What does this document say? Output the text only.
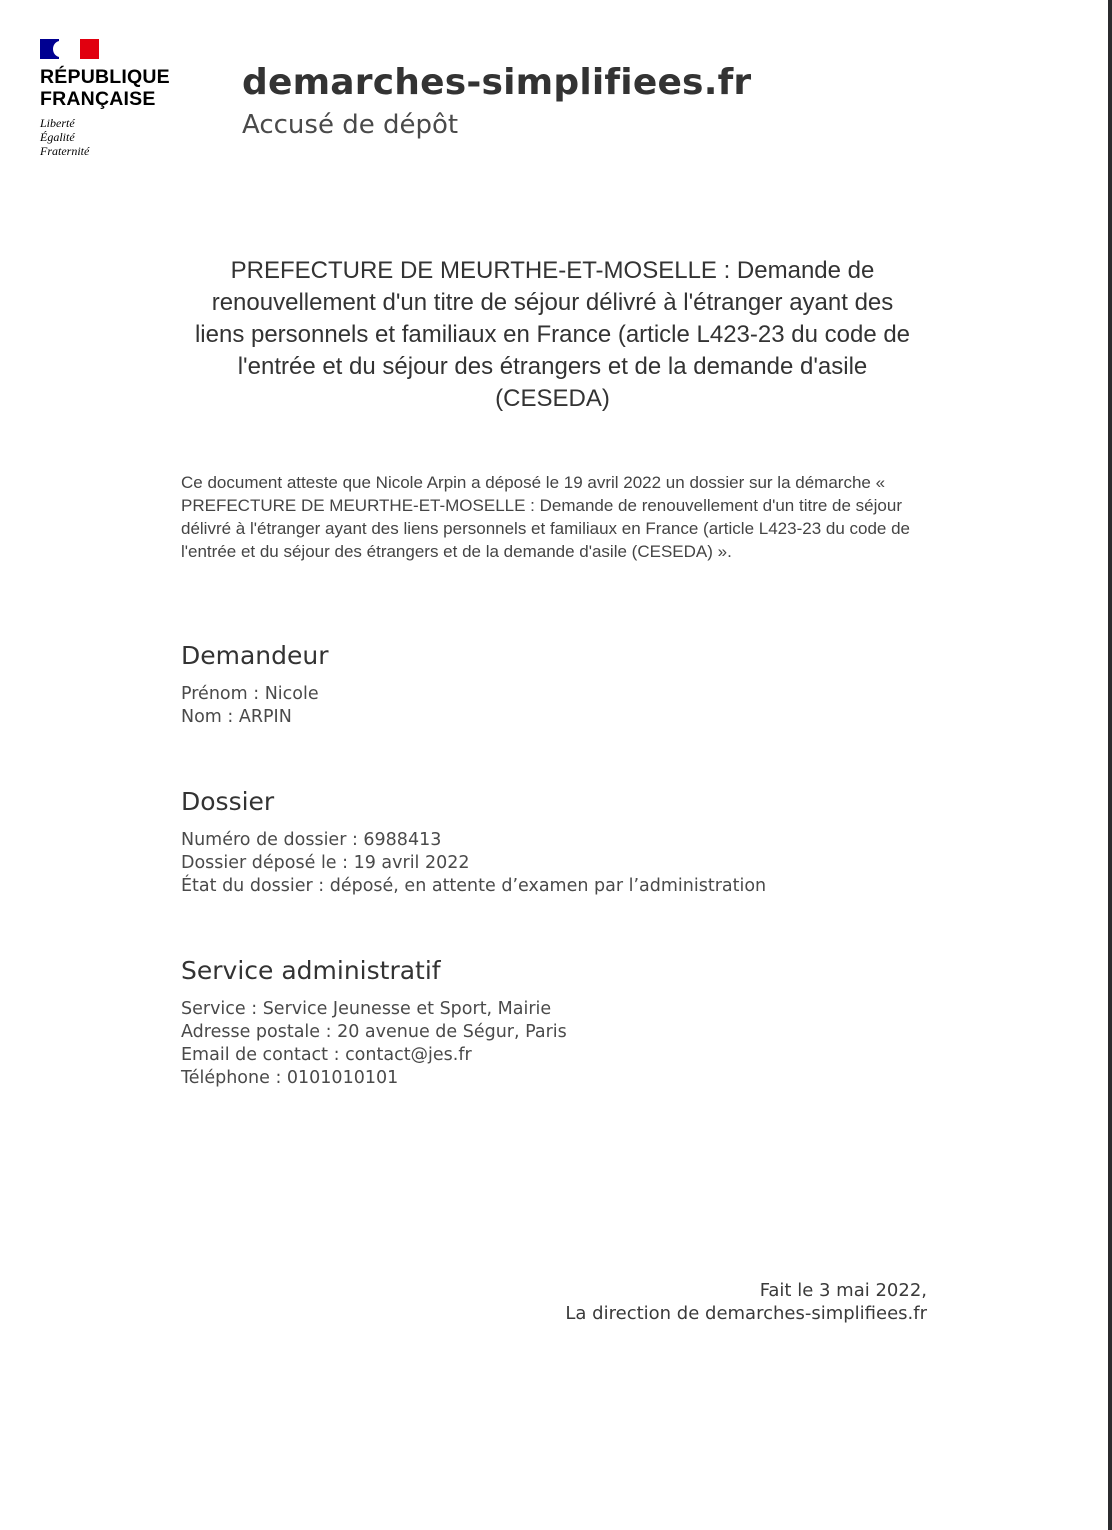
RÉPUBLIQUE
FRANÇAISE
Liberté
Égalité
Fraternité
demarches-simplifiees.fr
Accusé de dépôt
PREFECTURE DE MEURTHE-ET-MOSELLE : Demande de renouvellement d'un titre de séjour délivré à l'étranger ayant des liens personnels et familiaux en France (article L423-23 du code de l'entrée et du séjour des étrangers et de la demande d'asile (CESEDA)
Ce document atteste que Nicole Arpin a déposé le 19 avril 2022 un dossier sur la démarche « PREFECTURE DE MEURTHE-ET-MOSELLE : Demande de renouvellement d'un titre de séjour délivré à l'étranger ayant des liens personnels et familiaux en France (article L423-23 du code de l'entrée et du séjour des étrangers et de la demande d'asile (CESEDA) ».
Demandeur
Prénom : Nicole
Nom : ARPIN
Dossier
Numéro de dossier : 6988413
Dossier déposé le : 19 avril 2022
État du dossier : déposé, en attente d’examen par l’administration
Service administratif
Service : Service Jeunesse et Sport, Mairie
Adresse postale : 20 avenue de Ségur, Paris
Email de contact : contact@jes.fr
Téléphone : 0101010101
Fait le 3 mai 2022,
La direction de demarches-simplifiees.fr
